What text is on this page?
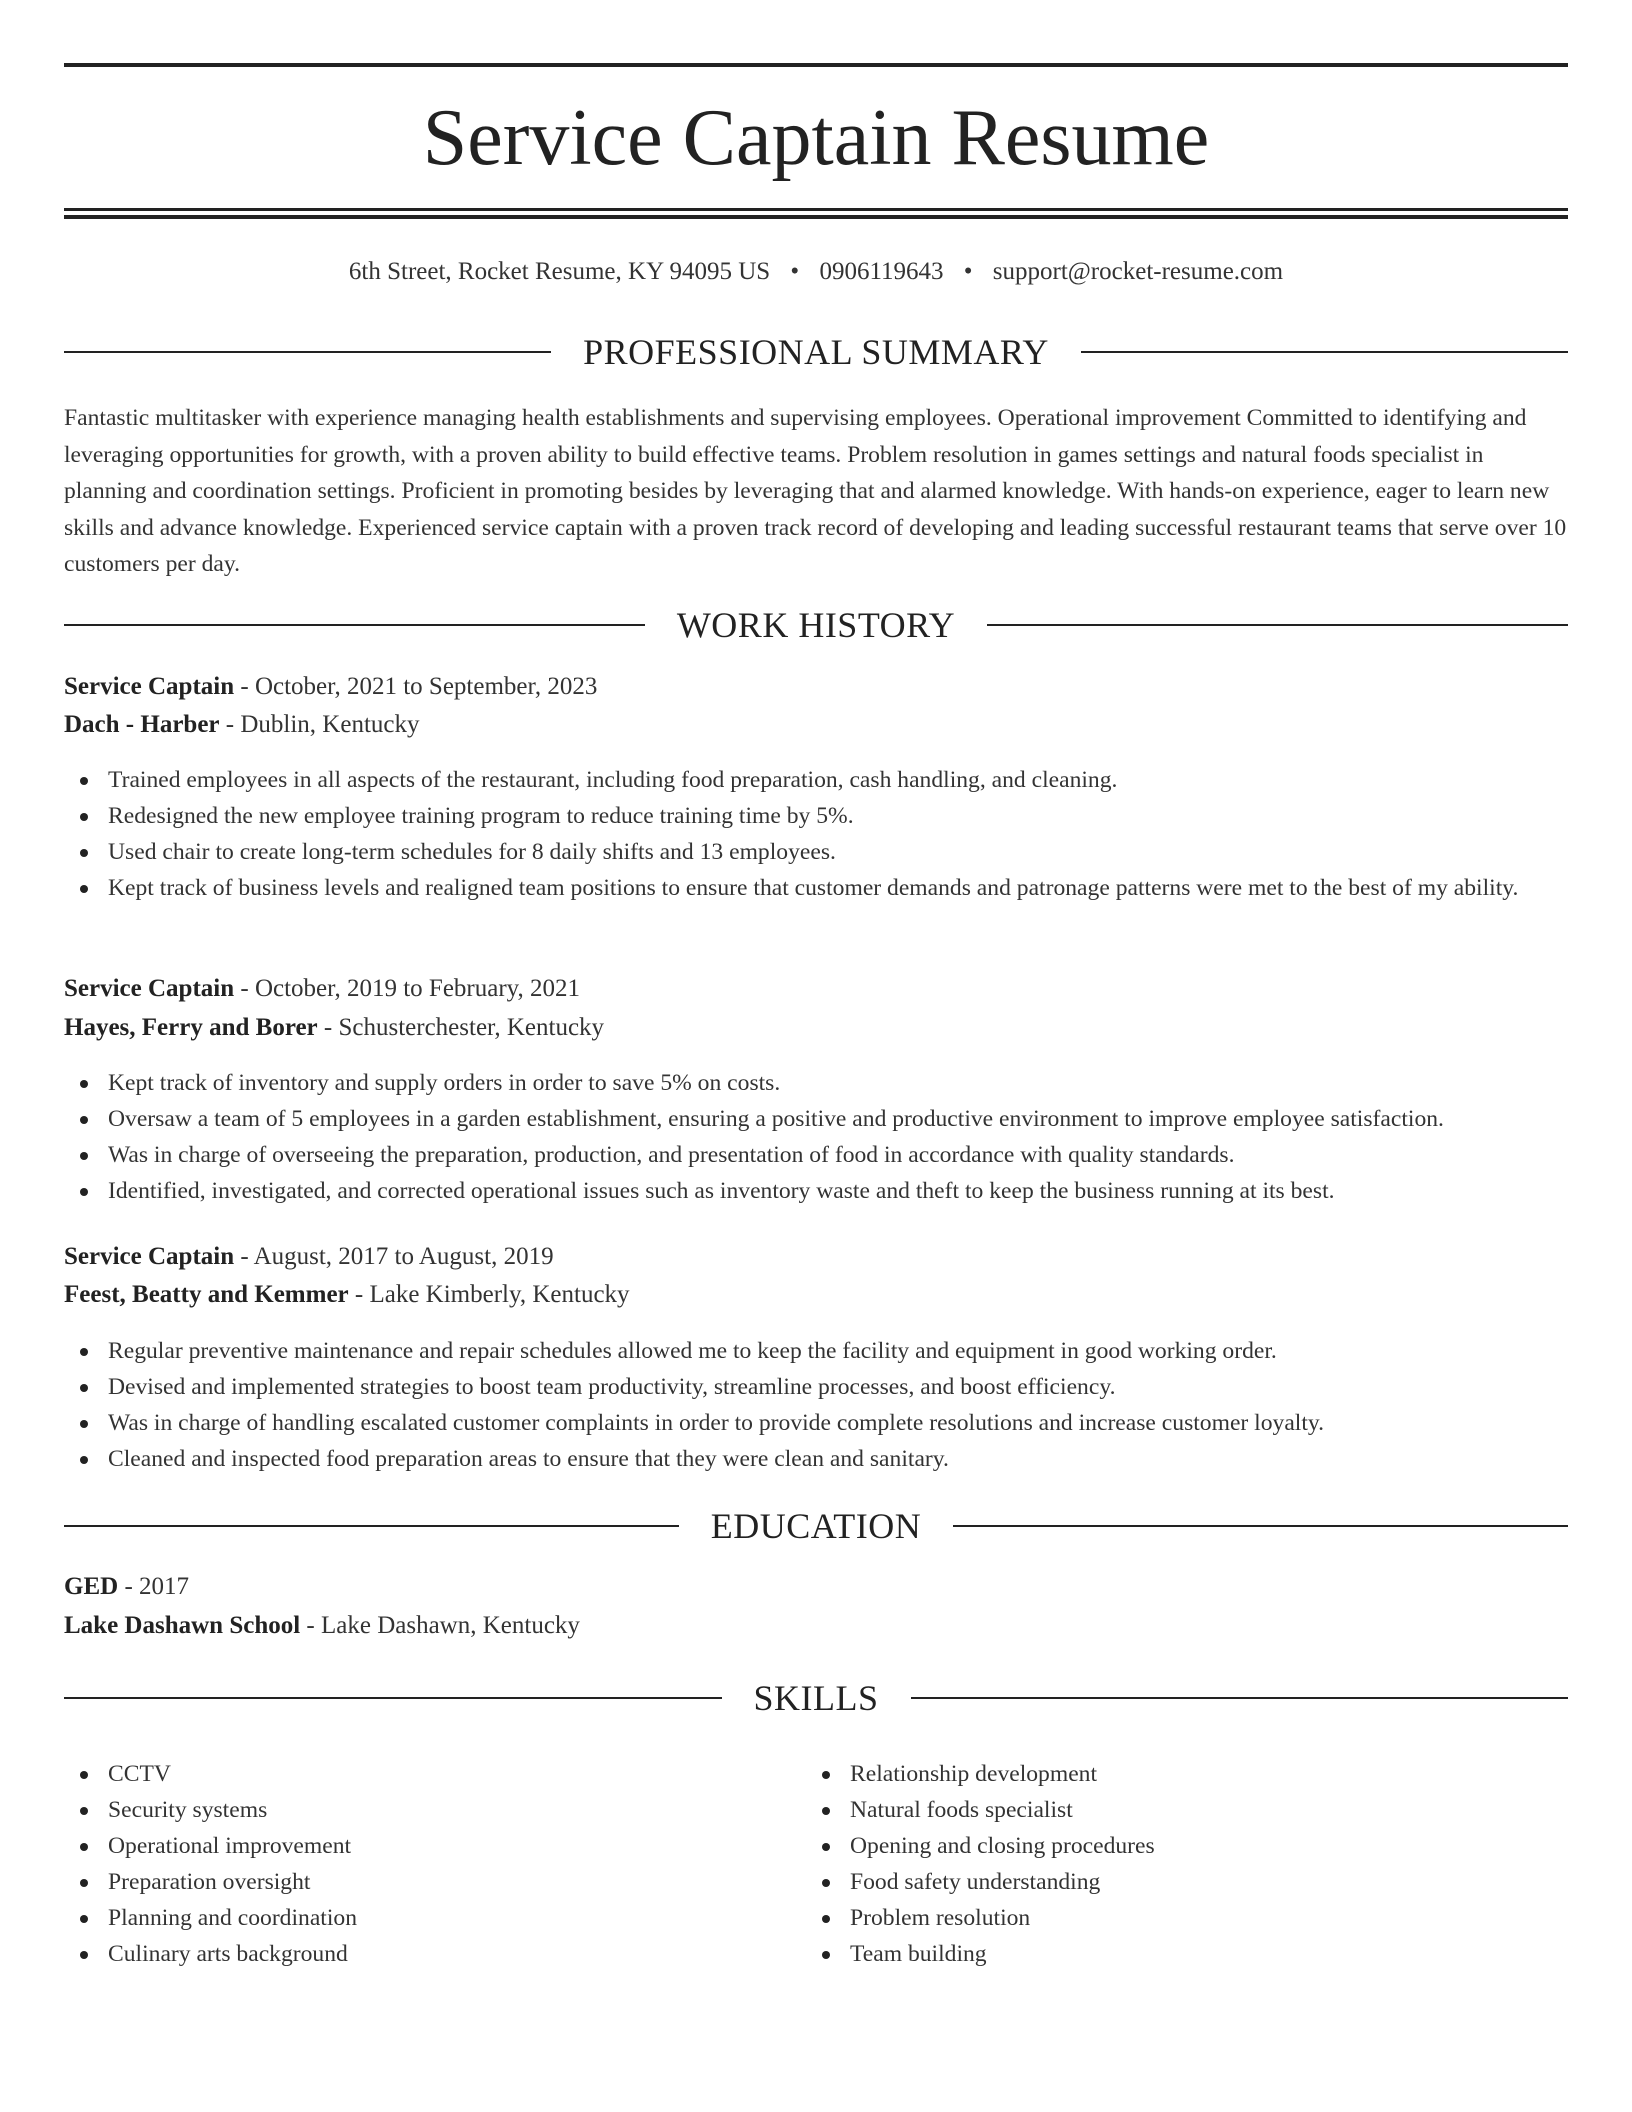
Service Captain Resume
6th Street, Rocket Resume, KY 94095 US • 0906119643 • support@rocket-resume.com
PROFESSIONAL SUMMARY

Fantastic multitasker with experience managing health establishments and supervising employees. Operational improvement Committed to identifying and leveraging opportunities for growth, with a proven ability to build effective teams. Problem resolution in games settings and natural foods specialist in planning and coordination settings. Proficient in promoting besides by leveraging that and alarmed knowledge. With hands-on experience, eager to learn new skills and advance knowledge. Experienced service captain with a proven track record of developing and leading successful restaurant teams that serve over 10 customers per day.

WORK HISTORY
Service Captain - October, 2021 to September, 2023
Dach - Harber - Dublin, Kentucky
Trained employees in all aspects of the restaurant, including food preparation, cash handling, and cleaning.
Redesigned the new employee training program to reduce training time by 5%.
Used chair to create long-term schedules for 8 daily shifts and 13 employees.
Kept track of business levels and realigned team positions to ensure that customer demands and patronage patterns were met to the best of my ability.
Service Captain - October, 2019 to February, 2021
Hayes, Ferry and Borer - Schusterchester, Kentucky
Kept track of inventory and supply orders in order to save 5% on costs.
Oversaw a team of 5 employees in a garden establishment, ensuring a positive and productive environment to improve employee satisfaction.
Was in charge of overseeing the preparation, production, and presentation of food in accordance with quality standards.
Identified, investigated, and corrected operational issues such as inventory waste and theft to keep the business running at its best.
Service Captain - August, 2017 to August, 2019
Feest, Beatty and Kemmer - Lake Kimberly, Kentucky
Regular preventive maintenance and repair schedules allowed me to keep the facility and equipment in good working order.
Devised and implemented strategies to boost team productivity, streamline processes, and boost efficiency.
Was in charge of handling escalated customer complaints in order to provide complete resolutions and increase customer loyalty.
Cleaned and inspected food preparation areas to ensure that they were clean and sanitary.
EDUCATION
GED - 2017
Lake Dashawn School - Lake Dashawn, Kentucky
SKILLS
CCTV
Security systems
Operational improvement
Preparation oversight
Planning and coordination
Culinary arts background
Relationship development
Natural foods specialist
Opening and closing procedures
Food safety understanding
Problem resolution
Team building
